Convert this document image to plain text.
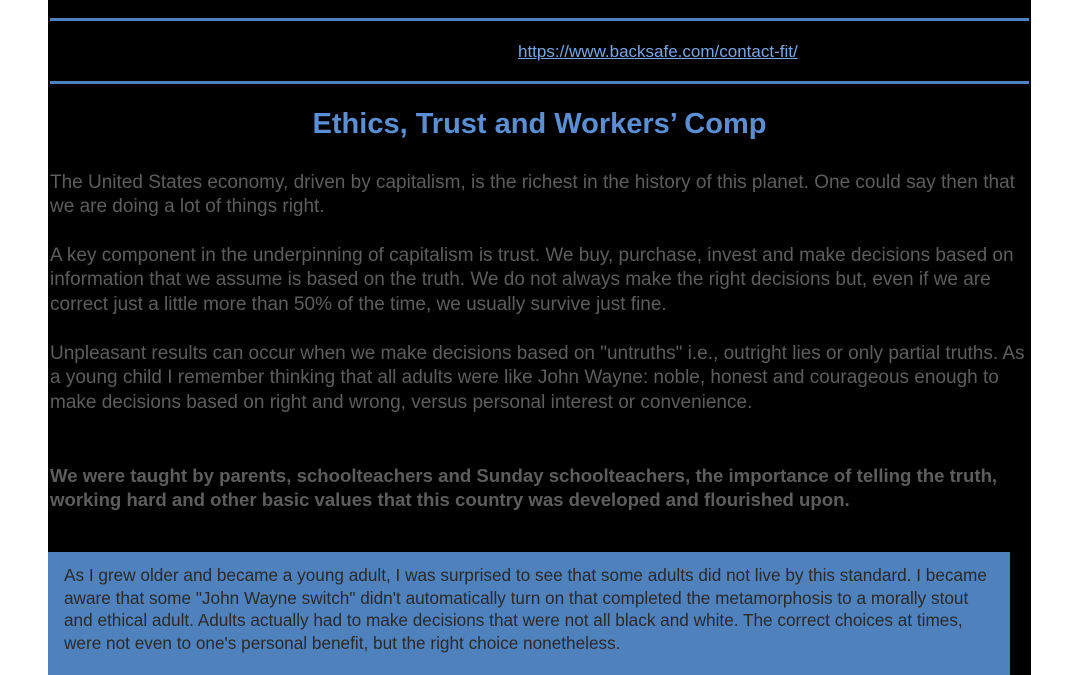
https://www.backsafe.com/contact-fit/
Ethics, Trust and Workers’ Comp

The United States economy, driven by capitalism, is the richest in the history of this planet. One could say then that we are doing a lot of things right.

A key component in the underpinning of capitalism is trust. We buy, purchase, invest and make decisions based on information that we assume is based on the truth. We do not always make the right decisions but, even if we are correct just a little more than 50% of the time, we usually survive just fine.

Unpleasant results can occur when we make decisions based on "untruths" i.e., outright lies or only partial truths. As a young child I remember thinking that all adults were like John Wayne: noble, honest and courageous enough to make decisions based on right and wrong, versus personal interest or convenience.

We were taught by parents, schoolteachers and Sunday schoolteachers, the importance of telling the truth, working hard and other basic values that this country was developed and flourished upon.

As I grew older and became a young adult, I was surprised to see that some adults did not live by this standard. I became aware that some "John Wayne switch" didn't automatically turn on that completed the metamorphosis to a morally stout and ethical adult. Adults actually had to make decisions that were not all black and white. The correct choices at times, were not even to one's personal benefit, but the right choice nonetheless.
